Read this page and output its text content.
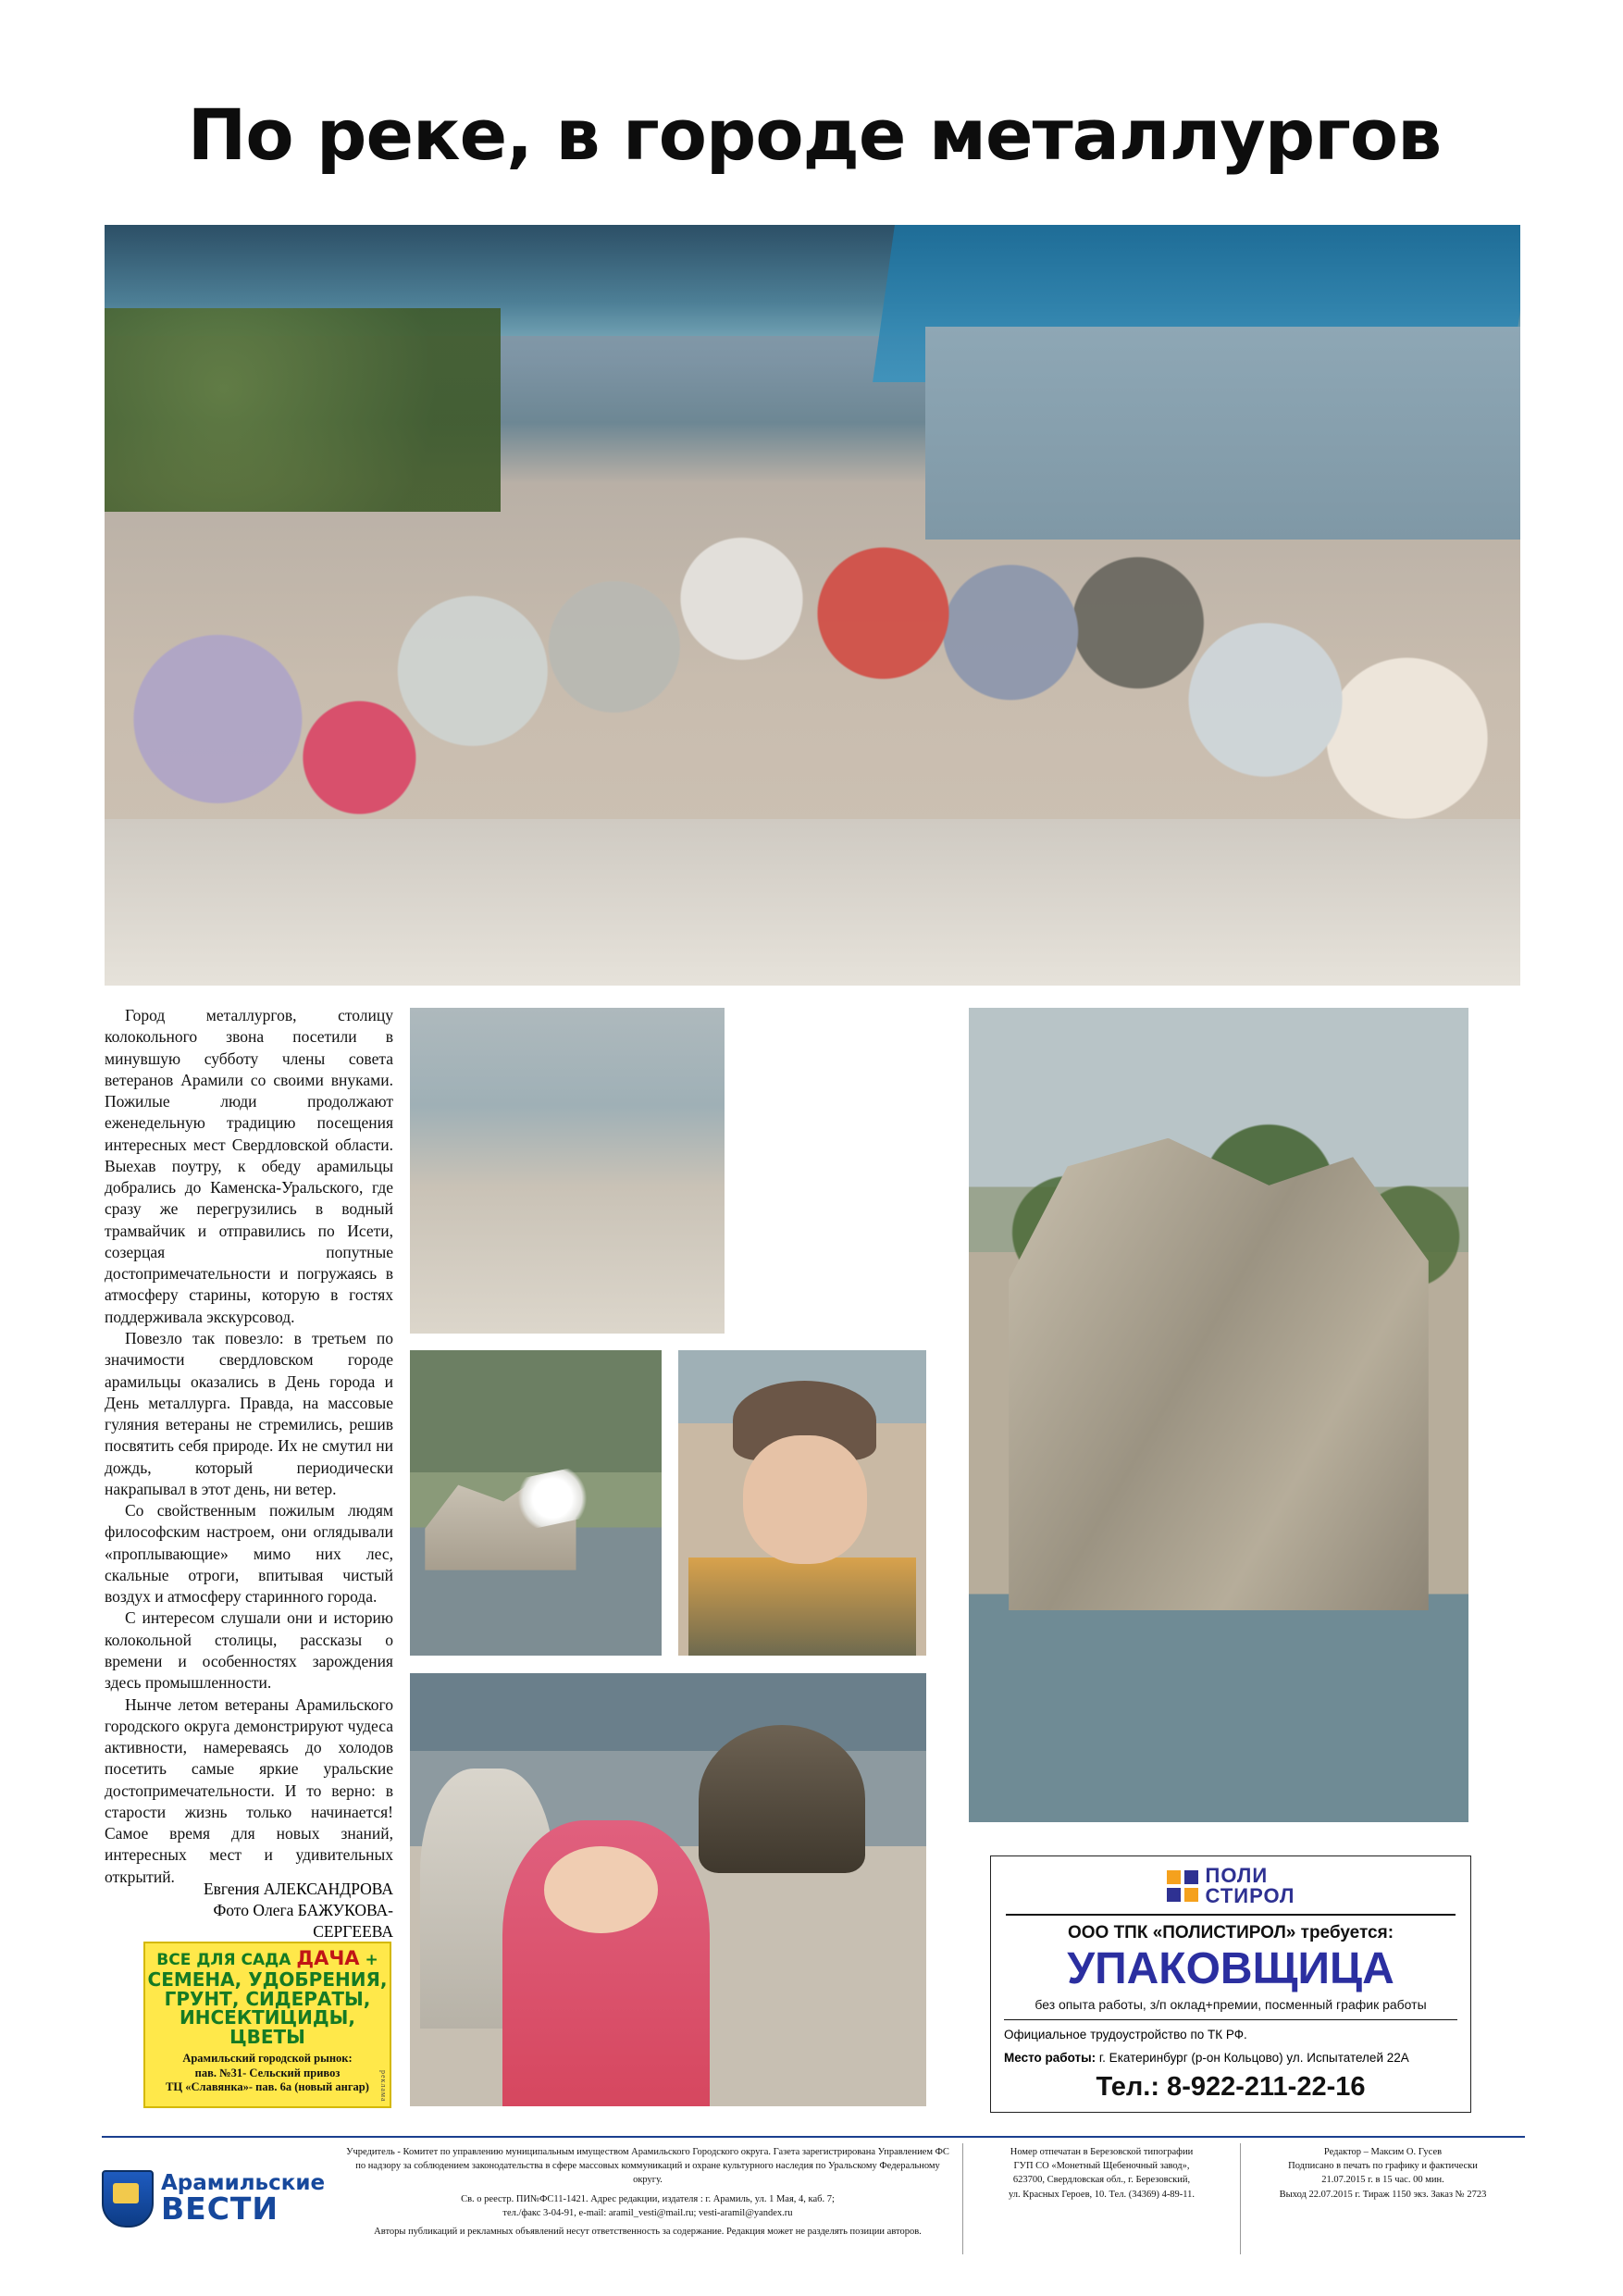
По реке, в городе металлургов

Город металлургов, столицу колокольного звона посетили в минувшую субботу члены совета ветеранов Арамили со своими внуками. Пожилые люди продолжают еженедельную традицию посещения интересных мест Свердловской области. Выехав поутру, к обеду арамильцы добрались до Каменска-Уральского, где сразу же перегрузились в водный трамвайчик и отправились по Исети, созерцая попутные достопримечательности и погружаясь в атмосферу старины, которую в гостях поддерживала экскурсовод.

Повезло так повезло: в третьем по значимости свердловском городе арамильцы оказались в День города и День металлурга. Правда, на массовые гуляния ветераны не стремились, решив посвятить себя природе. Их не смутил ни дождь, который периодически накрапывал в этот день, ни ветер.

Со свойственным пожилым людям философским настроем, они оглядывали «проплывающие» мимо них лес, скальные отроги, впитывая чистый воздух и атмосферу старинного города.

С интересом слушали они и историю колокольной столицы, рассказы о времени и особенностях зарождения здесь промышленности.

Нынче летом ветераны Арамильского городского округа демонстрируют чудеса активности, намереваясь до холодов посетить самые яркие уральские достопримечательности. И то верно: в старости жизнь только начинается! Самое время для новых знаний, интересных мест и удивительных открытий.

Евгения АЛЕКСАНДРОВА
Фото Олега БАЖУКОВА-
СЕРГЕЕВА
ВСЕ ДЛЯ САДА ДАЧА +
СЕМЕНА, УДОБРЕНИЯ,
ГРУНТ, СИДЕРАТЫ,
ИНСЕКТИЦИДЫ, ЦВЕТЫ
Арамильский городской рынок:
пав. №31- Сельский привоз
ТЦ «Славянка»- пав. 6а (новый ангар)	реклама
ПОЛИ
СТИРОЛ
ООО ТПК «ПОЛИСТИРОЛ» требуется:
УПАКОВЩИЦА
без опыта работы, з/п оклад+премии, посменный график работы
Официальное трудоустройство по ТК РФ.
Место работы: г. Екатеринбург (р-он Кольцово) ул. Испытателей 22А
Тел.: 8-922-211-22-16
Арамильские
ВЕСТИ
Учредитель - Комитет по управлению муниципальным имуществом Арамильского Городского округа. Газета зарегистрирована Управлением ФС по надзору за соблюдением законодательства в сфере массовых коммуникаций и охране культурного наследия по Уральскому Федеральному округу.
Св. о реестр. ПИ№ФС11-1421. Адрес редакции, издателя : г. Арамиль, ул. 1 Мая, 4, каб. 7;
тел./факс 3-04-91, e-mail: aramil_vesti@mail.ru; vesti-aramil@yandex.ru
Авторы публикаций и рекламных объявлений несут ответственность за содержание. Редакция может не разделять позиции авторов.
Номер отпечатан в Березовской типографии
ГУП СО «Монетный Щебеночный завод»,
623700, Свердловская обл., г. Березовский,
ул. Красных Героев, 10. Тел. (34369) 4-89-11.
Редактор – Максим О. Гусев
Подписано в печать по графику и фактически
21.07.2015 г. в 15 час. 00 мин.
Выход 22.07.2015 г. Тираж 1150 экз. Заказ № 2723
